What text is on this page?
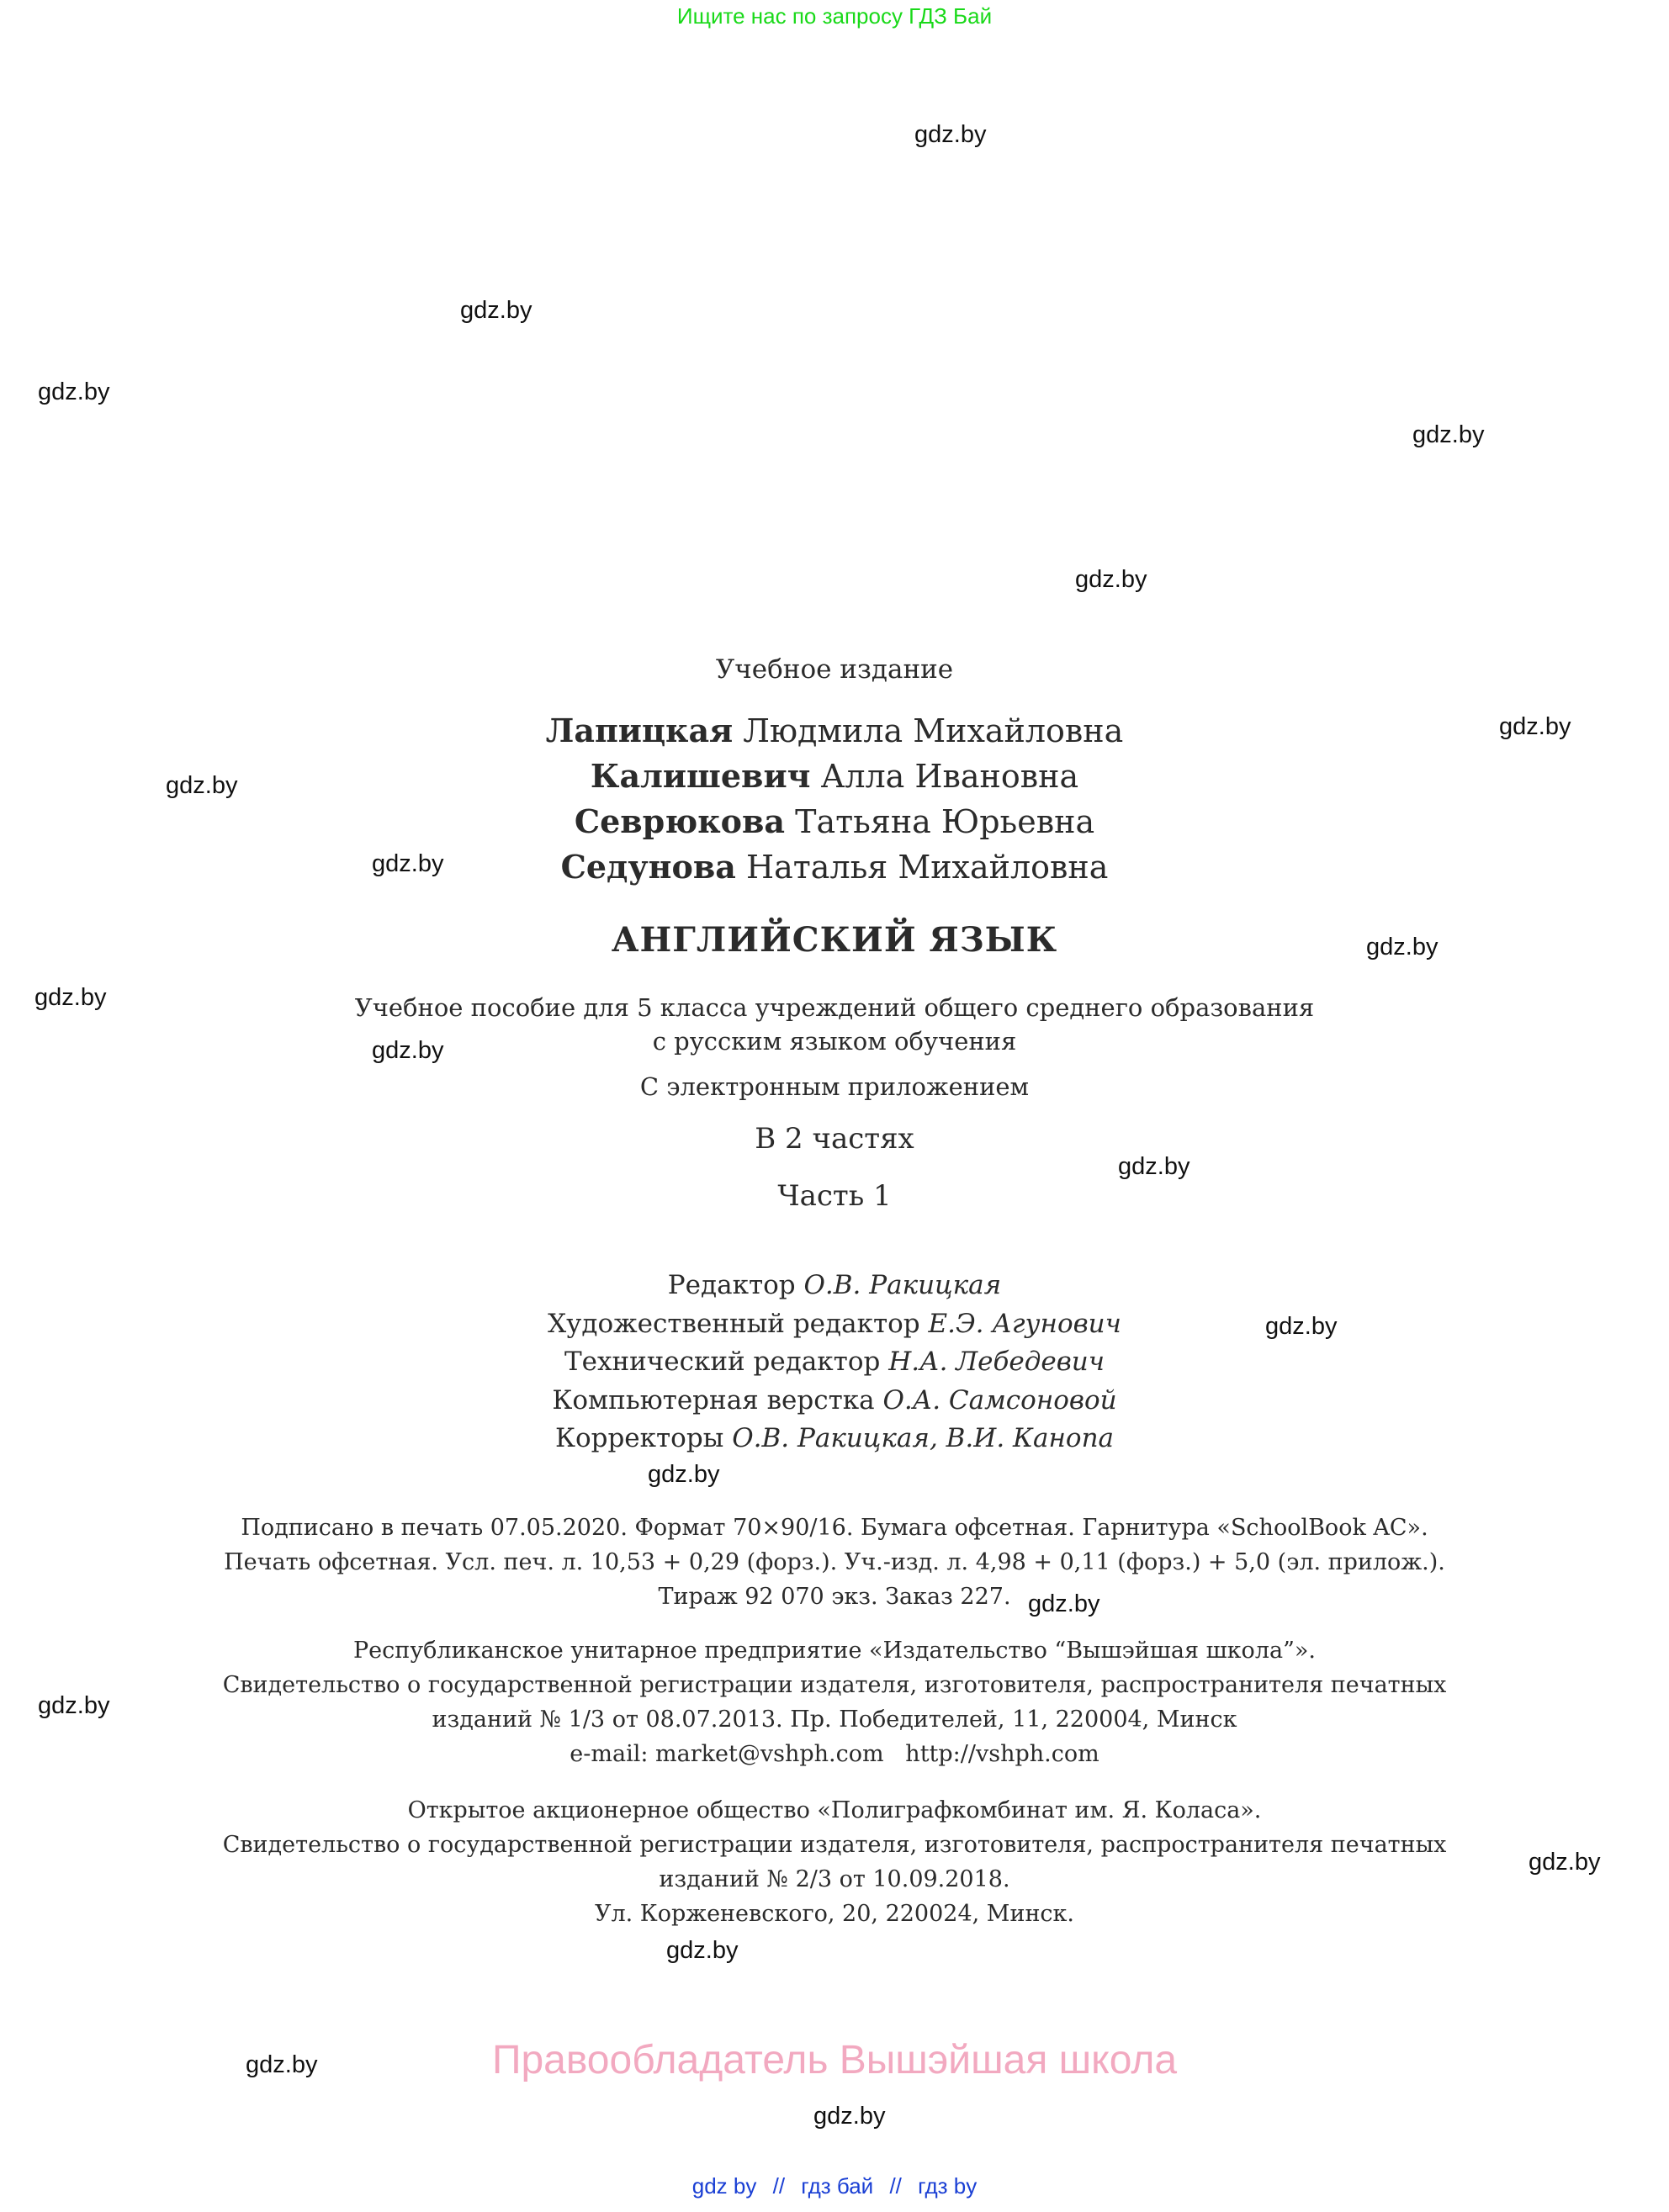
Ищите нас по запросу ГДЗ Бай
gdz.by
gdz.by
gdz.by
gdz.by
gdz.by
gdz.by
gdz.by
gdz.by
gdz.by
gdz.by
gdz.by
gdz.by
gdz.by
gdz.by
gdz.by
gdz.by
gdz.by
gdz.by
gdz.by
gdz.by
Учебное издание
Лапицкая Людмила Михайловна
Калишевич Алла Ивановна
Севрюкова Татьяна Юрьевна
Седунова Наталья Михайловна
АНГЛИЙСКИЙ ЯЗЫК
Учебное пособие для 5 класса учреждений общего среднего образования
с русским языком обучения
С электронным приложением
В 2 частях
Часть 1
Редактор О.В. Ракицкая
Художественный редактор Е.Э. Агунович
Технический редактор Н.А. Лебедевич
Компьютерная верстка О.А. Самсоновой
Корректоры О.В. Ракицкая, В.И. Канопа
Подписано в печать 07.05.2020. Формат 70×90/16. Бумага офсетная. Гарнитура «SchoolBook AC».
Печать офсетная. Усл. печ. л. 10,53 + 0,29 (форз.). Уч.-изд. л. 4,98 + 0,11 (форз.) + 5,0 (эл. прилож.).
Тираж 92 070 экз. Заказ 227.
Республиканское унитарное предприятие «Издательство “Вышэйшая школа”».
Свидетельство о государственной регистрации издателя, изготовителя, распространителя печатных
изданий № 1/3 от 08.07.2013. Пр. Победителей, 11, 220004, Минск
e-mail: market@vshph.com   http://vshph.com
Открытое акционерное общество «Полиграфкомбинат им. Я. Коласа».
Свидетельство о государственной регистрации издателя, изготовителя, распространителя печатных
изданий № 2/3 от 10.09.2018.
Ул. Корженевского, 20, 220024, Минск.
Правообладатель Вышэйшая школа
gdz by // гдз бай // гдз by
